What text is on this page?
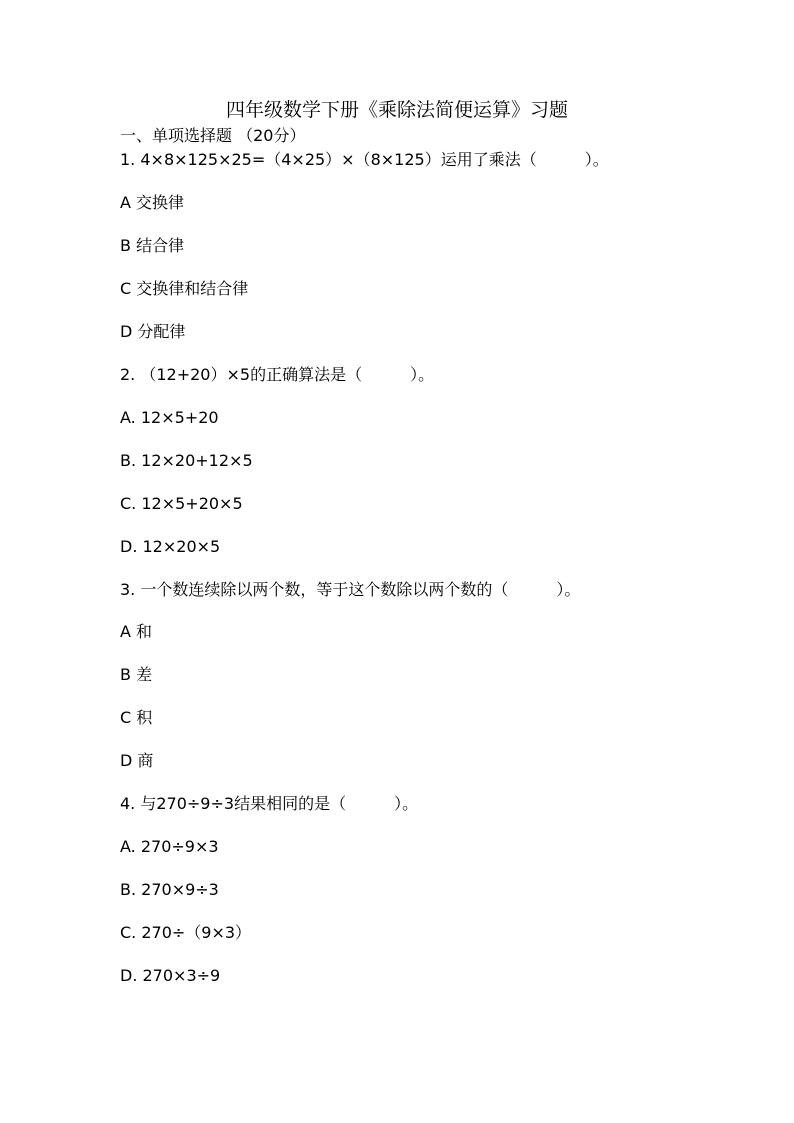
四年级数学下册《乘除法简便运算》习题
一、单项选择题 （20分）
1. 4×8×125×25=（4×25）×（8×125）运用了乘法（　　　）。
A 交换律
B 结合律
C 交换律和结合律
D 分配律
2. （12+20）×5的正确算法是（　　　）。
A. 12×5+20
B. 12×20+12×5
C. 12×5+20×5
D. 12×20×5
3. 一个数连续除以两个数，等于这个数除以两个数的（　　　）。
A 和
B 差
C 积
D 商
4. 与270÷9÷3结果相同的是（　　　）。
A. 270÷9×3
B. 270×9÷3
C. 270÷（9×3）
D. 270×3÷9
